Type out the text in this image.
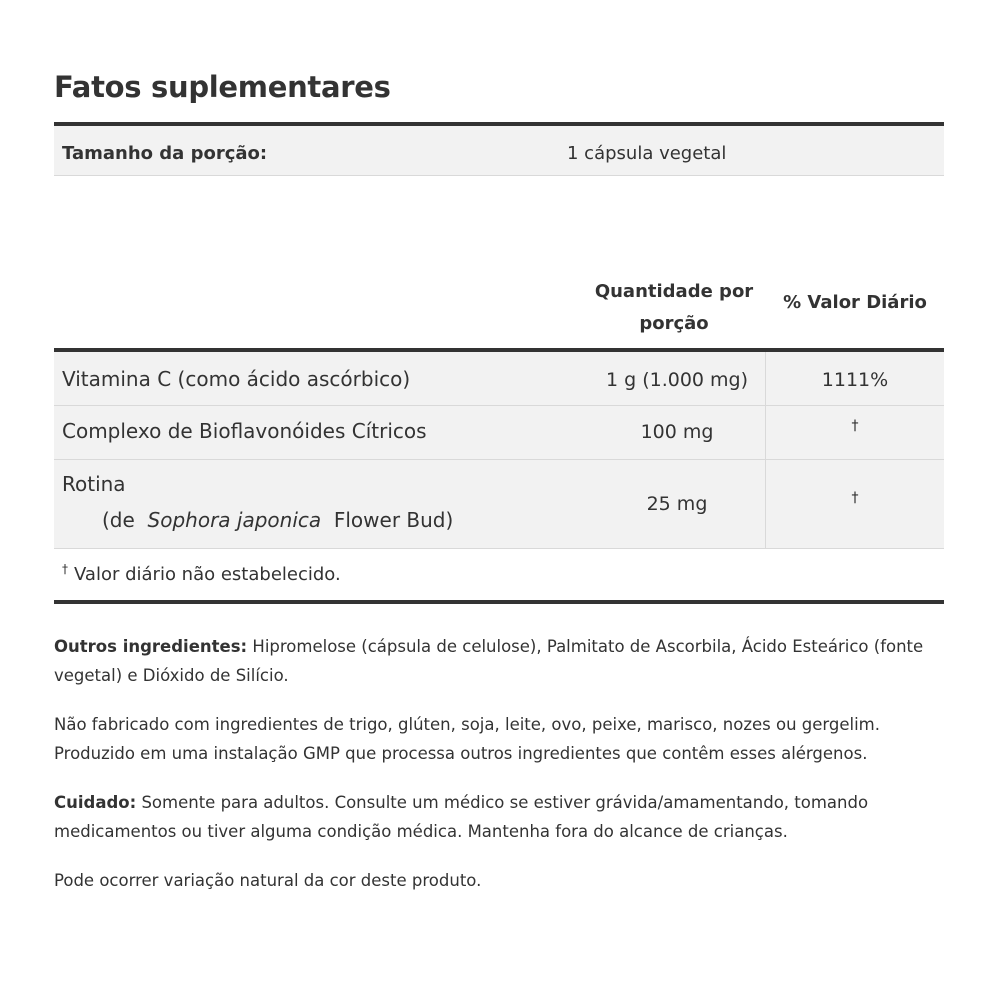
Fatos suplementares
Tamanho da porção:	1 cápsula vegetal
Quantidade por porção
% Valor Diário
Vitamina C (como ácido ascórbico)	1 g (1.000 mg)	1111%
Complexo de Bioflavonóides Cítricos	100 mg	†
Rotina
(de Sophora japonica Flower Bud)
25 mg	†
† Valor diário não estabelecido.
Outros ingredientes: Hipromelose (cápsula de celulose), Palmitato de Ascorbila, Ácido Esteárico (fonte vegetal) e Dióxido de Silício.
Não fabricado com ingredientes de trigo, glúten, soja, leite, ovo, peixe, marisco, nozes ou gergelim. Produzido em uma instalação GMP que processa outros ingredientes que contêm esses alérgenos.
Cuidado: Somente para adultos. Consulte um médico se estiver grávida/amamentando, tomando medicamentos ou tiver alguma condição médica. Mantenha fora do alcance de crianças.
Pode ocorrer variação natural da cor deste produto.
